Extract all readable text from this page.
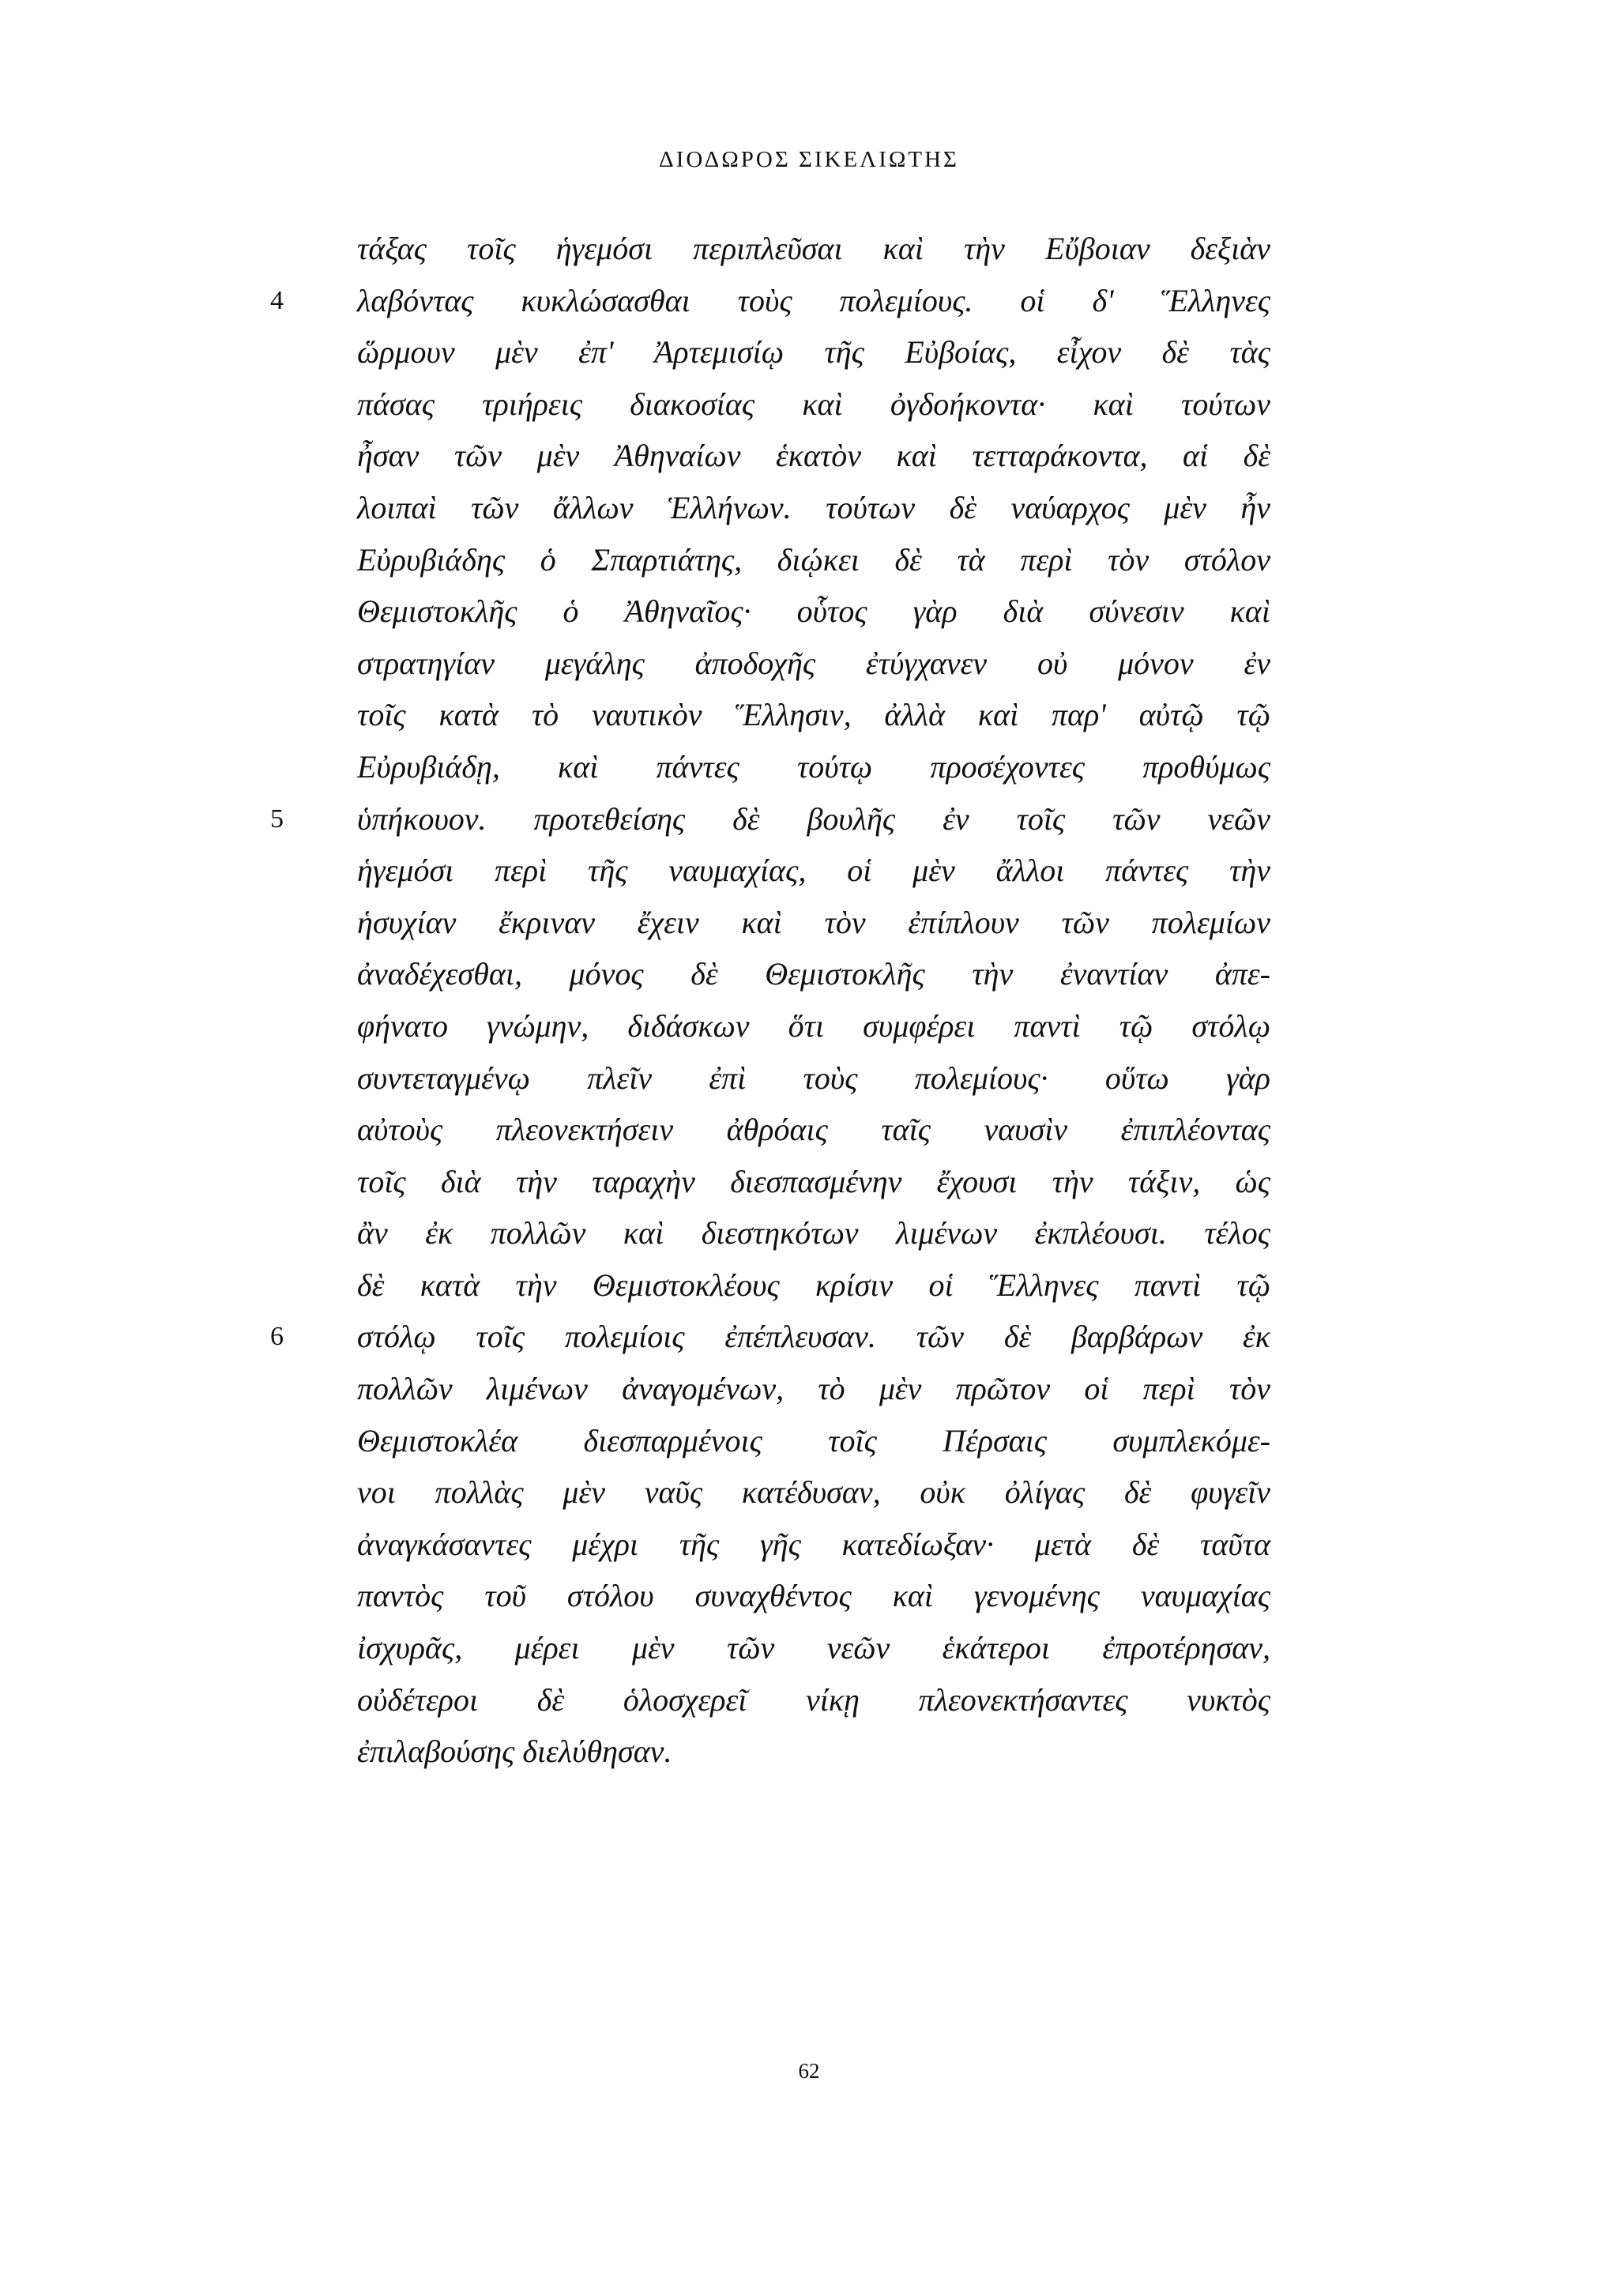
ΔΙΟΔΩΡΟΣ ΣΙΚΕΛΙΩΤΗΣ
τάξας τοῖς ἡγεμόσι περιπλεῦσαι καὶ τὴν Εὔβοιαν δεξιὰν
4	λαβόντας κυκλώσασθαι τοὺς πολεμίους. οἱ δ' Ἕλληνες
ὥρμουν μὲν ἐπ' Ἀρτεμισίῳ τῆς Εὐβοίας, εἶχον δὲ τὰς
πάσας τριήρεις διακοσίας καὶ ὀγδοήκοντα· καὶ τούτων
ἦσαν τῶν μὲν Ἀθηναίων ἑκατὸν καὶ τετταράκοντα, αἱ δὲ
λοιπαὶ τῶν ἄλλων Ἑλλήνων. τούτων δὲ ναύαρχος μὲν ἦν
Εὐρυβιάδης ὁ Σπαρτιάτης, διῴκει δὲ τὰ περὶ τὸν στόλον
Θεμιστοκλῆς ὁ Ἀθηναῖος· οὗτος γὰρ διὰ σύνεσιν καὶ
στρατηγίαν μεγάλης ἀποδοχῆς ἐτύγχανεν οὐ μόνον ἐν
τοῖς κατὰ τὸ ναυτικὸν Ἕλλησιν, ἀλλὰ καὶ παρ' αὐτῷ τῷ
Εὐρυβιάδῃ, καὶ πάντες τούτῳ προσέχοντες προθύμως
5	ὑπήκουον. προτεθείσης δὲ βουλῆς ἐν τοῖς τῶν νεῶν
ἡγεμόσι περὶ τῆς ναυμαχίας, οἱ μὲν ἄλλοι πάντες τὴν
ἡσυχίαν ἔκριναν ἔχειν καὶ τὸν ἐπίπλουν τῶν πολεμίων
ἀναδέχεσθαι, μόνος δὲ Θεμιστοκλῆς τὴν ἐναντίαν ἀπε-
φήνατο γνώμην, διδάσκων ὅτι συμφέρει παντὶ τῷ στόλῳ
συντεταγμένῳ πλεῖν ἐπὶ τοὺς πολεμίους· οὕτω γὰρ
αὐτοὺς πλεονεκτήσειν ἀθρόαις ταῖς ναυσὶν ἐπιπλέοντας
τοῖς διὰ τὴν ταραχὴν διεσπασμένην ἔχουσι τὴν τάξιν, ὡς
ἂν ἐκ πολλῶν καὶ διεστηκότων λιμένων ἐκπλέουσι. τέλος
δὲ κατὰ τὴν Θεμιστοκλέους κρίσιν οἱ Ἕλληνες παντὶ τῷ
6	στόλῳ τοῖς πολεμίοις ἐπέπλευσαν. τῶν δὲ βαρβάρων ἐκ
πολλῶν λιμένων ἀναγομένων, τὸ μὲν πρῶτον οἱ περὶ τὸν
Θεμιστοκλέα διεσπαρμένοις τοῖς Πέρσαις συμπλεκόμε-
νοι πολλὰς μὲν ναῦς κατέδυσαν, οὐκ ὀλίγας δὲ φυγεῖν
ἀναγκάσαντες μέχρι τῆς γῆς κατεδίωξαν· μετὰ δὲ ταῦτα
παντὸς τοῦ στόλου συναχθέντος καὶ γενομένης ναυμαχίας
ἰσχυρᾶς, μέρει μὲν τῶν νεῶν ἑκάτεροι ἐπροτέρησαν,
οὐδέτεροι δὲ ὁλοσχερεῖ νίκῃ πλεονεκτήσαντες νυκτὸς
ἐπιλαβούσης διελύθησαν.
62
